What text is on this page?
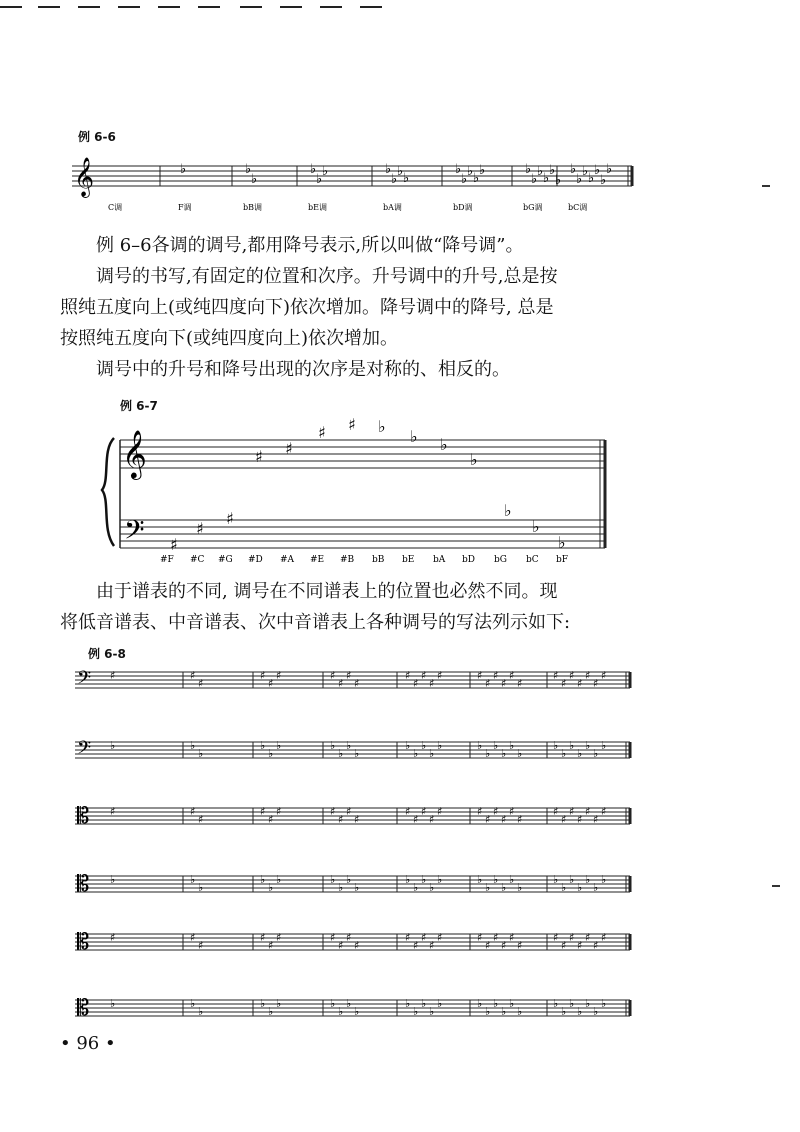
例 6-6
𝄞
C调
♭
F调
♭
♭
bB调
♭
♭
♭
bE调
♭
♭
♭ ♭
bA调
♭
♭
♭ ♭
♭
bD调
♭
♭
♭ ♭
♭
♭
bG调
♭
♭
♭ ♭
♭
♭
♭
bC调

例 6–6各调的调号,都用降号表示,所以叫做“降号调”。

调号的书写,有固定的位置和次序。升号调中的升号,总是按

照纯五度向上(或纯四度向下)依次增加。降号调中的降号, 总是

按照纯五度向下(或纯四度向上)依次增加。

调号中的升号和降号出现的次序是对称的、相反的。

例 6-7
𝄞
𝄢 ♯
♯
♯
♯ ♯
♯ ♯ ♭
♭ ♭
♭
♭
♭
♭
#F #C #G #D #A #E #B bB bE bA bD bG bC bF

由于谱表的不同, 调号在不同谱表上的位置也必然不同。现

将低音谱表、中音谱表、次中音谱表上各种调号的写法列示如下:

例 6-8
𝄢 ♯	♯
♯
♯
♯
♯	♯
♯
♯
♯
♯
♯
♯
♯
♯	♯
♯
♯
♯
♯
♯
♯
♯
♯
♯
♯
♯
♯
𝄢 ♭	♭
♭
♭
♭
♭	♭
♭
♭
♭
♭
♭
♭
♭
♭	♭
♭
♭
♭
♭
♭
♭
♭
♭
♭
♭
♭
♭
𝄡 ♯	♯
♯
♯
♯
♯	♯
♯
♯
♯
♯
♯
♯
♯
♯	♯
♯
♯
♯
♯
♯
♯
♯
♯
♯
♯
♯
♯
𝄡 ♭	♭
♭
♭
♭
♭	♭
♭
♭
♭
♭
♭
♭
♭
♭	♭
♭
♭
♭
♭
♭
♭
♭
♭
♭
♭
♭
♭
𝄡 ♯	♯
♯
♯
♯
♯	♯
♯
♯
♯
♯
♯
♯
♯
♯	♯
♯
♯
♯
♯
♯
♯
♯
♯
♯
♯
♯
♯
𝄡 ♭	♭
♭
♭
♭
♭	♭
♭
♭
♭
♭
♭
♭
♭
♭	♭
♭
♭
♭
♭
♭
♭
♭
♭
♭
♭
♭
♭
• 96 •
